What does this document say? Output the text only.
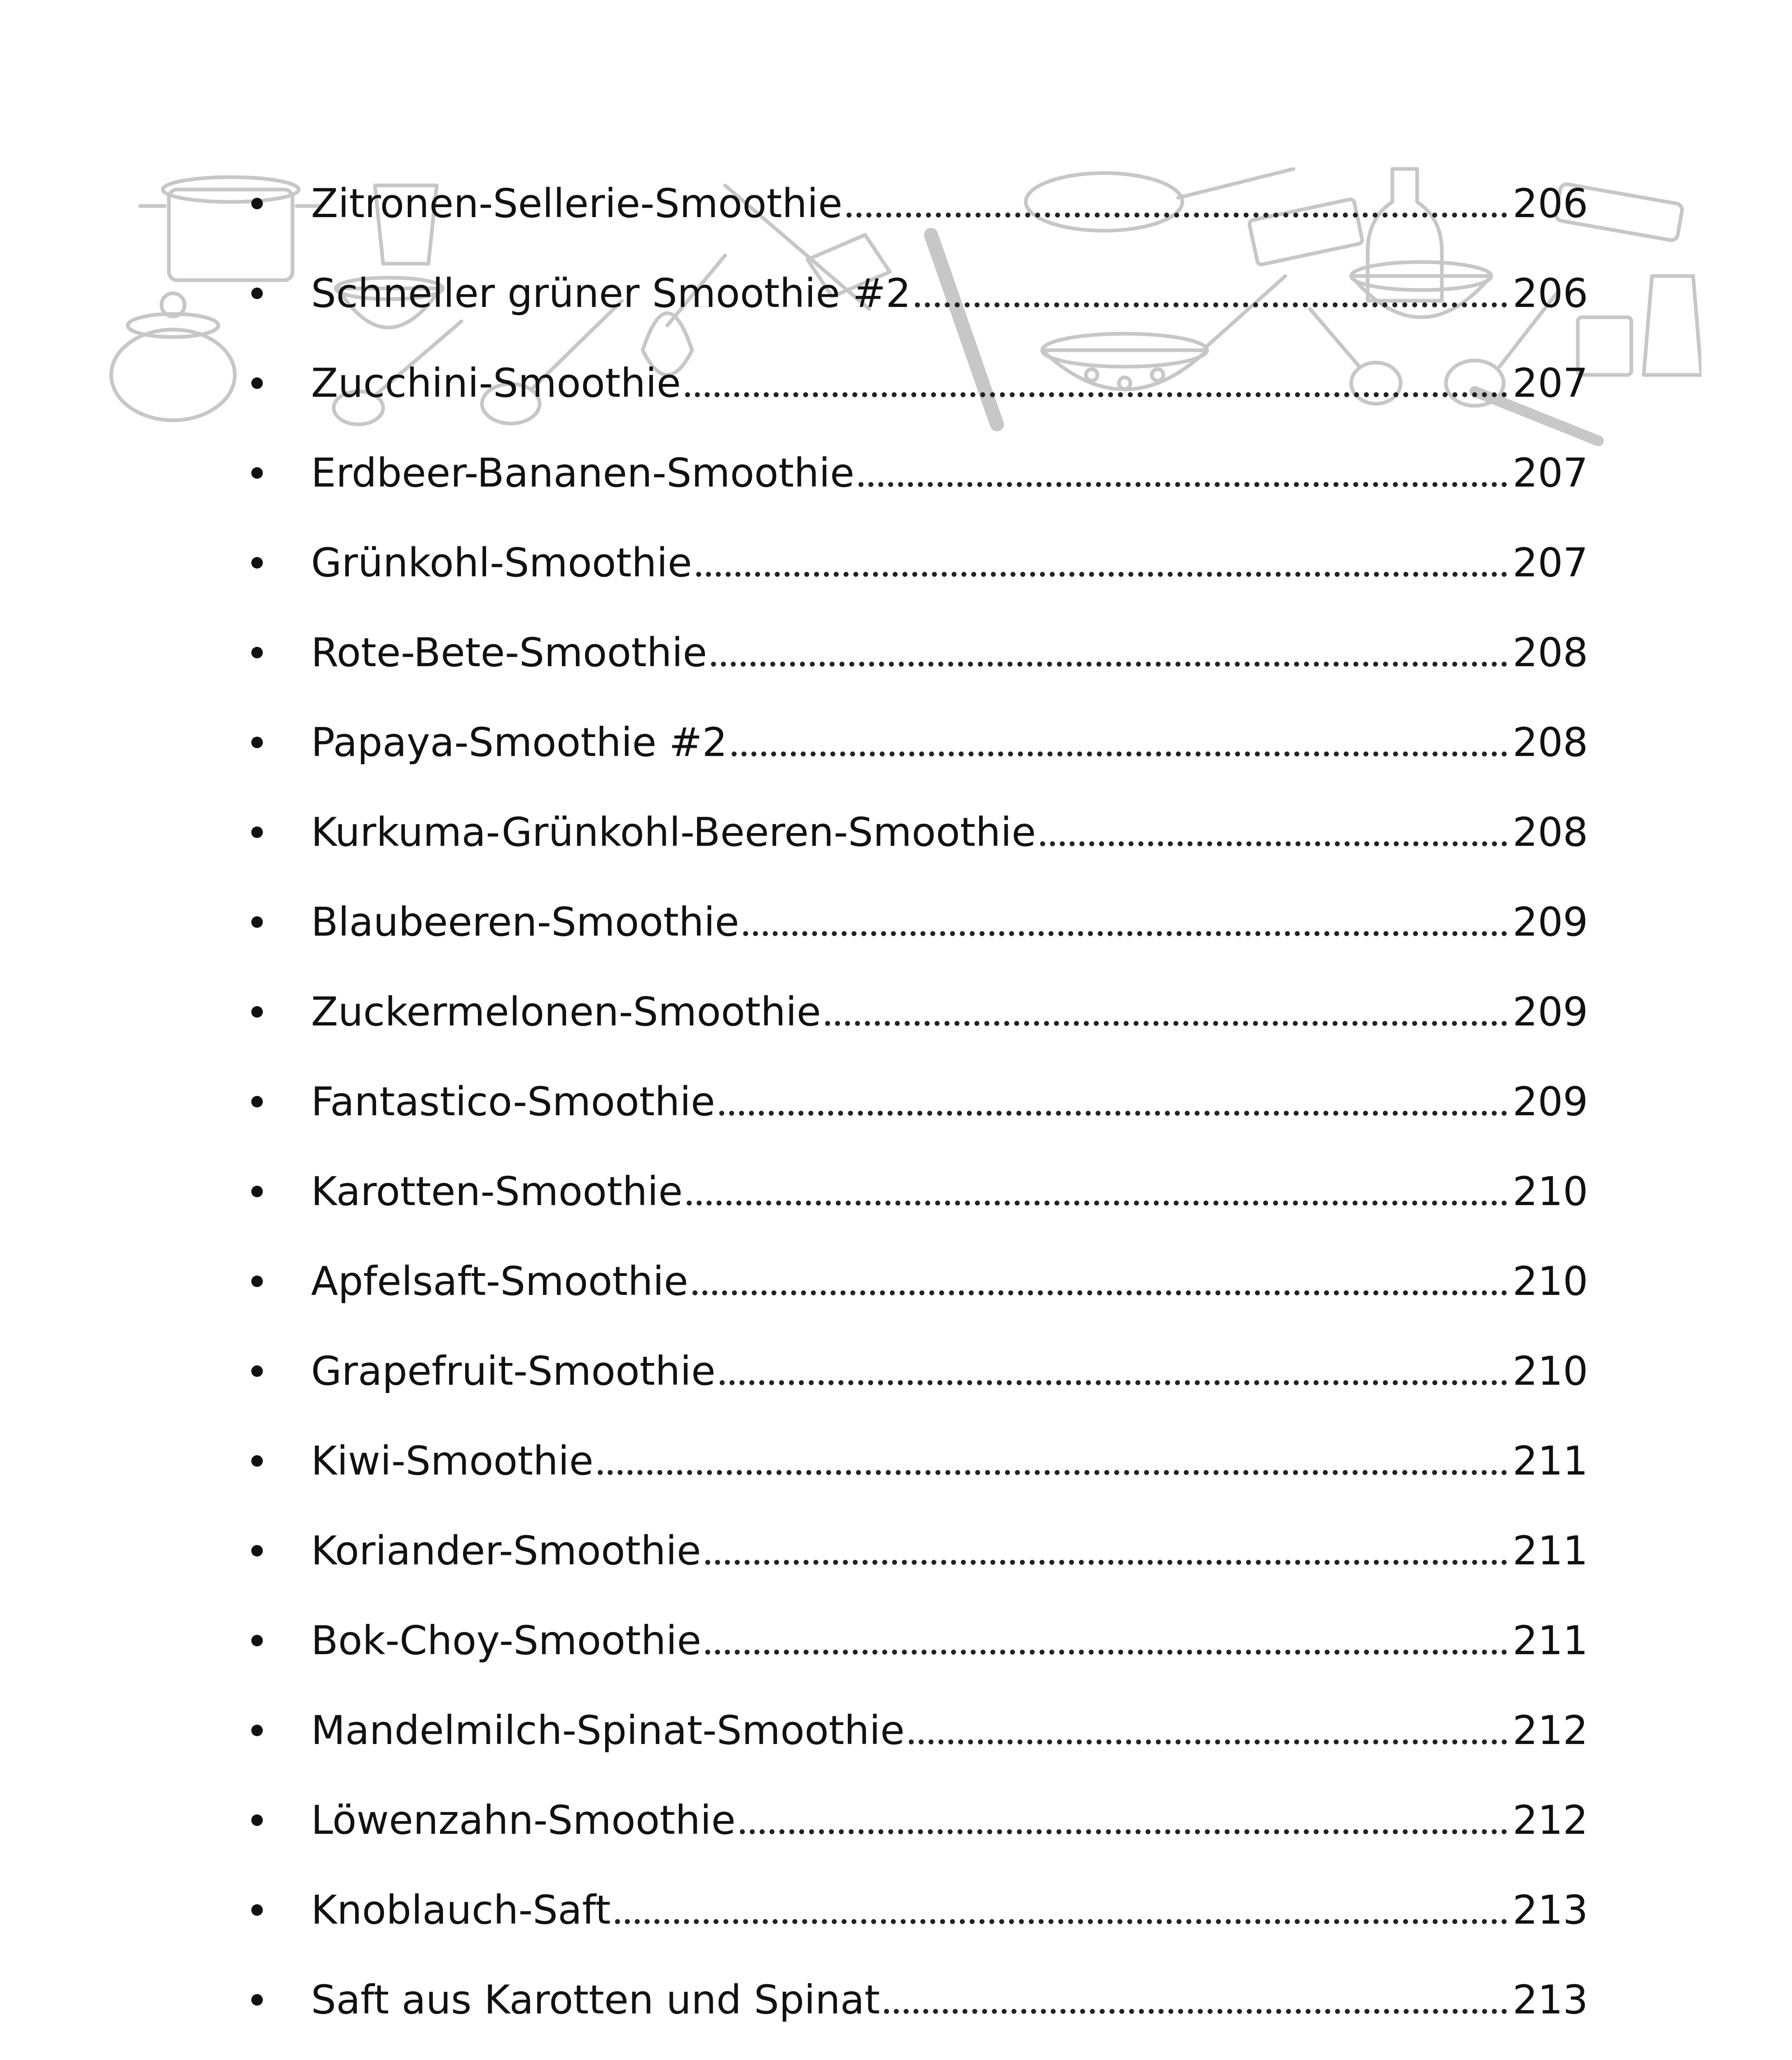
Zitronen-Sellerie-Smoothie	206
Schneller grüner Smoothie #2	206
Zucchini-Smoothie	207
Erdbeer-Bananen-Smoothie	207
Grünkohl-Smoothie	207
Rote-Bete-Smoothie	208
Papaya-Smoothie #2	208
Kurkuma-Grünkohl-Beeren-Smoothie	208
Blaubeeren-Smoothie	209
Zuckermelonen-Smoothie	209
Fantastico-Smoothie	209
Karotten-Smoothie	210
Apfelsaft-Smoothie	210
Grapefruit-Smoothie	210
Kiwi-Smoothie	211
Koriander-Smoothie	211
Bok-Choy-Smoothie	211
Mandelmilch-Spinat-Smoothie	212
Löwenzahn-Smoothie	212
Knoblauch-Saft	213
Saft aus Karotten und Spinat	213
